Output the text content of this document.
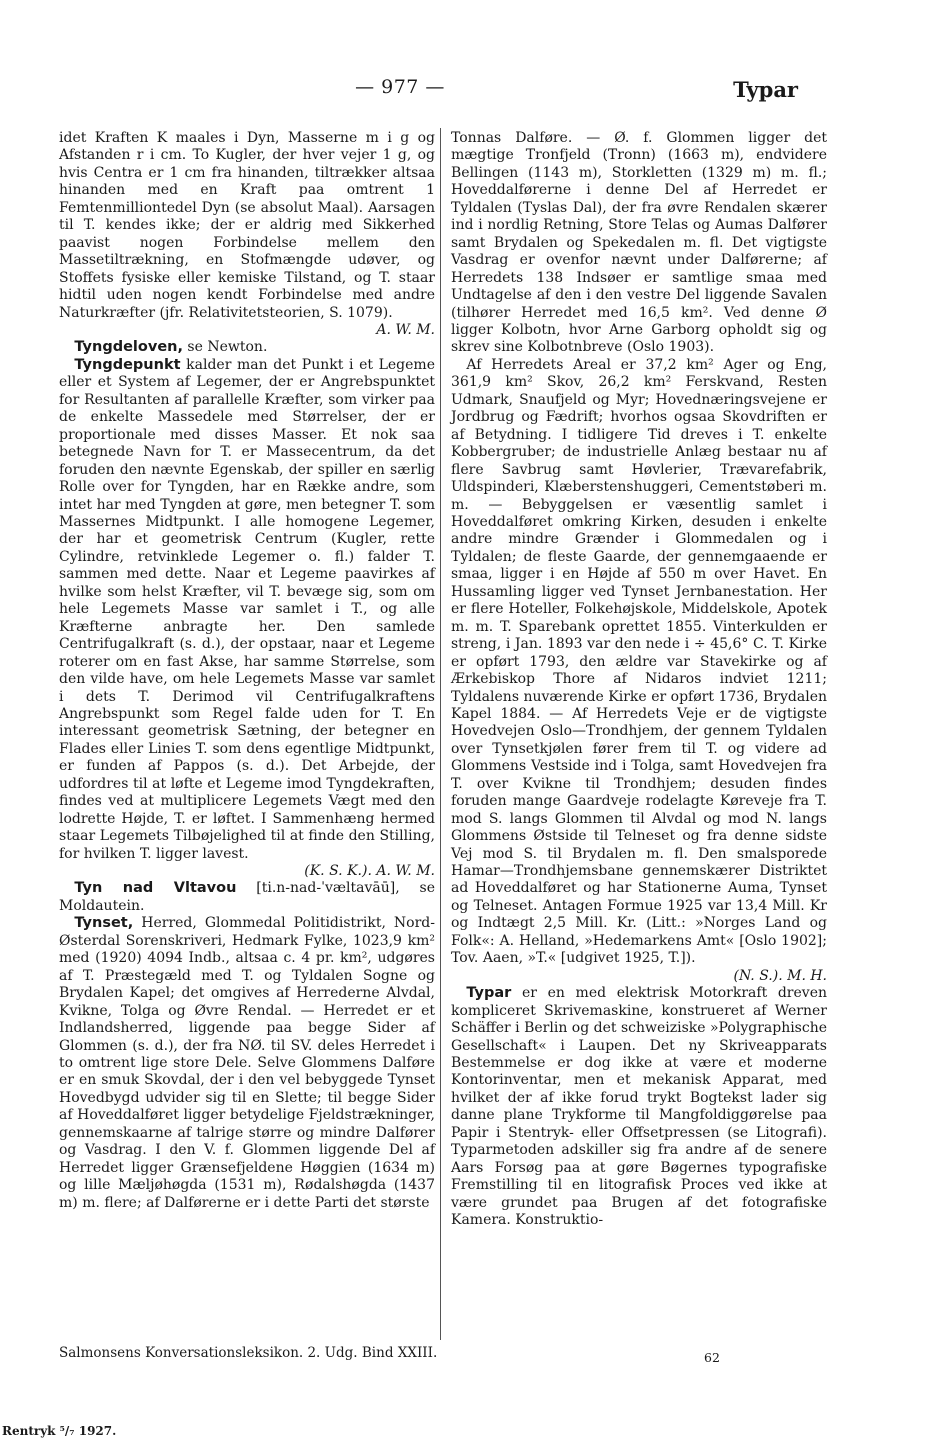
— 977 —	Typar

idet Kraften K maales i Dyn, Masserne m i g og Afstanden r i cm. To Kugler, der hver vejer 1 g, og hvis Centra er 1 cm fra hinanden, tiltrækker altsaa hinanden med en Kraft paa omtrent 1 Femtenmilliontedel Dyn (se absolut Maal). Aarsagen til T. kendes ikke; der er aldrig med Sikkerhed paavist nogen Forbindelse mellem den Massetiltrækning, en Stofmængde udøver, og Stoffets fysiske eller kemiske Tilstand, og T. staar hidtil uden nogen kendt Forbindelse med andre Naturkræfter (jfr. Relativitetsteorien, S. 1079).
A. W. M.

Tyngdeloven, se Newton.

Tyngdepunkt kalder man det Punkt i et Legeme eller et System af Legemer, der er Angrebspunktet for Resultanten af parallelle Kræfter, som virker paa de enkelte Massedele med Størrelser, der er proportionale med disses Masser. Et nok saa betegnede Navn for T. er Massecentrum, da det foruden den nævnte Egenskab, der spiller en særlig Rolle over for Tyngden, har en Række andre, som intet har med Tyngden at gøre, men betegner T. som Massernes Midtpunkt. I alle homogene Legemer, der har et geometrisk Centrum (Kugler, rette Cylindre, retvinklede Legemer o. fl.) falder T. sammen med dette. Naar et Legeme paavirkes af hvilke som helst Kræfter, vil T. bevæge sig, som om hele Legemets Masse var samlet i T., og alle Kræfterne anbragte her. Den samlede Centrifugalkraft (s. d.), der opstaar, naar et Legeme roterer om en fast Akse, har samme Størrelse, som den vilde have, om hele Legemets Masse var samlet i dets T. Derimod vil Centrifugalkraftens Angrebspunkt som Regel falde uden for T. En interessant geometrisk Sætning, der betegner en Flades eller Linies T. som dens egentlige Midtpunkt, er funden af Pappos (s. d.). Det Arbejde, der udfordres til at løfte et Legeme imod Tyngdekraften, findes ved at multiplicere Legemets Vægt med den lodrette Højde, T. er løftet. I Sammenhæng hermed staar Legemets Tilbøjelighed til at finde den Stilling, for hvilken T. ligger lavest.
(K. S. K.). A. W. M.

Tyn nad Vltavou [ti.n-nad-ˈvæltavāū], se Moldautein.

Tynset, Herred, Glommedal Politidistrikt, Nord-Østerdal Sorenskriveri, Hedmark Fylke, 1023,9 km² med (1920) 4094 Indb., altsaa c. 4 pr. km², udgøres af T. Præstegæld med T. og Tyldalen Sogne og Brydalen Kapel; det omgives af Herrederne Alvdal, Kvikne, Tolga og Øvre Rendal. — Herredet er et Indlandsherred, liggende paa begge Sider af Glommen (s. d.), der fra NØ. til SV. deles Herredet i to omtrent lige store Dele. Selve Glommens Dalføre er en smuk Skovdal, der i den vel bebyggede Tynset Hovedbygd udvider sig til en Slette; til begge Sider af Hoveddalføret ligger betydelige Fjeldstrækninger, gennemskaarne af talrige større og mindre Dalfører og Vasdrag. I den V. f. Glommen liggende Del af Herredet ligger Grænsefjeldene Høggien (1634 m) og lille Mæljøhøgda (1531 m), Rødalshøgda (1437 m) m. flere; af Dalførerne er i dette Parti det største

Tonnas Dalføre. — Ø. f. Glommen ligger det mægtige Tronfjeld (Tronn) (1663 m), endvidere Bellingen (1143 m), Storkletten (1329 m) m. fl.; Hoveddalførerne i denne Del af Herredet er Tyldalen (Tyslas Dal), der fra øvre Rendalen skærer ind i nordlig Retning, Store Telas og Aumas Dalfører samt Brydalen og Spekedalen m. fl. Det vigtigste Vasdrag er ovenfor nævnt under Dalførerne; af Herredets 138 Indsøer er samtlige smaa med Undtagelse af den i den vestre Del liggende Savalen (tilhører Herredet med 16,5 km². Ved denne Ø ligger Kolbotn, hvor Arne Garborg opholdt sig og skrev sine Kolbotnbreve (Oslo 1903).

Af Herredets Areal er 37,2 km² Ager og Eng, 361,9 km² Skov, 26,2 km² Ferskvand, Resten Udmark, Snaufjeld og Myr; Hovednæringsvejene er Jordbrug og Fædrift; hvorhos ogsaa Skovdriften er af Betydning. I tidligere Tid dreves i T. enkelte Kobbergruber; de industrielle Anlæg bestaar nu af flere Savbrug samt Høvlerier, Trævarefabrik, Uldspinderi, Klæberstenshuggeri, Cementstøberi m. m. — Bebyggelsen er væsentlig samlet i Hoveddalføret omkring Kirken, desuden i enkelte andre mindre Grænder i Glommedalen og i Tyldalen; de fleste Gaarde, der gennemgaaende er smaa, ligger i en Højde af 550 m over Havet. En Hussamling ligger ved Tynset Jernbanestation. Her er flere Hoteller, Folkehøjskole, Middelskole, Apotek m. m. T. Sparebank oprettet 1855. Vinterkulden er streng, i Jan. 1893 var den nede i ÷ 45,6° C. T. Kirke er opført 1793, den ældre var Stavekirke og af Ærkebiskop Thore af Nidaros indviet 1211; Tyldalens nuværende Kirke er opført 1736, Brydalen Kapel 1884. — Af Herredets Veje er de vigtigste Hovedvejen Oslo—Trondhjem, der gennem Tyldalen over Tynsetkjølen fører frem til T. og videre ad Glommens Vestside ind i Tolga, samt Hovedvejen fra T. over Kvikne til Trondhjem; desuden findes foruden mange Gaardveje rodelagte Køreveje fra T. mod S. langs Glommen til Alvdal og mod N. langs Glommens Østside til Telneset og fra denne sidste Vej mod S. til Brydalen m. fl. Den smalsporede Hamar—Trondhjemsbane gennemskærer Distriktet ad Hoveddalføret og har Stationerne Auma, Tynset og Telneset. Antagen Formue 1925 var 13,4 Mill. Kr og Indtægt 2,5 Mill. Kr. (Litt.: »Norges Land og Folk«: A. Helland, »Hedemarkens Amt« [Oslo 1902]; Tov. Aaen, »T.« [udgivet 1925, T.]).
(N. S.). M. H.

Typar er en med elektrisk Motorkraft dreven kompliceret Skrivemaskine, konstrueret af Werner Schäffer i Berlin og det schweiziske »Polygraphische Gesellschaft« i Laupen. Det ny Skriveapparats Bestemmelse er dog ikke at være et moderne Kontorinventar, men et mekanisk Apparat, med hvilket der af ikke forud trykt Bogtekst lader sig danne plane Trykforme til Mangfoldiggørelse paa Papir i Stentryk- eller Offsetpressen (se Litografi). Typarmetoden adskiller sig fra andre af de senere Aars Forsøg paa at gøre Bøgernes typografiske Fremstilling til en litografisk Proces ved ikke at være grundet paa Brugen af det fotografiske Kamera. Konstruktio-

Salmonsens Konversationsleksikon. 2. Udg. Bind XXIII.	62
Rentryk ⁵/₇ 1927.
